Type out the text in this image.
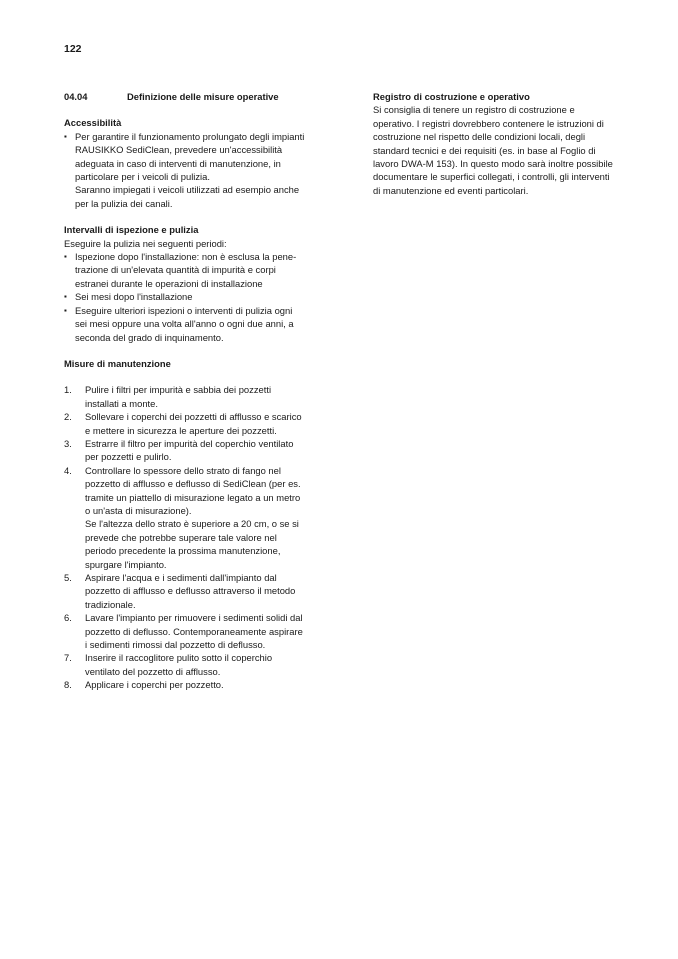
122
04.04	Definizione delle misure operative
Accessibilità
▪ Per garantire il funzionamento prolungato degli impianti RAUSIKKO SediClean, prevedere un'accessibilità adeguata in caso di interventi di manutenzione, in particolare per i veicoli di pulizia.
Saranno impiegati i veicoli utilizzati ad esempio anche per la pulizia dei canali.
Intervalli di ispezione e pulizia
Eseguire la pulizia nei seguenti periodi:
▪ Ispezione dopo l'installazione: non è esclusa la penetrazione di un'elevata quantità di impurità e corpi estranei durante le operazioni di installazione
▪ Sei mesi dopo l'installazione
▪ Eseguire ulteriori ispezioni o interventi di pulizia ogni sei mesi oppure una volta all'anno o ogni due anni, a seconda del grado di inquinamento.
Misure di manutenzione
1.	Pulire i filtri per impurità e sabbia dei pozzetti installati a monte.
2.	Sollevare i coperchi dei pozzetti di afflusso e scarico e mettere in sicurezza le aperture dei pozzetti.
3.	Estrarre il filtro per impurità del coperchio ventilato per pozzetti e pulirlo.
4.	Controllare lo spessore dello strato di fango nel pozzetto di afflusso e deflusso di SediClean (per es. tramite un piattello di misurazione legato a un metro o un'asta di misurazione).
Se l'altezza dello strato è superiore a 20 cm, o se si prevede che potrebbe superare tale valore nel periodo precedente la prossima manutenzione, spurgare l'impianto.
5.	Aspirare l'acqua e i sedimenti dall'impianto dal pozzetto di afflusso e deflusso attraverso il metodo tradizionale.
6.	Lavare l'impianto per rimuovere i sedimenti solidi dal pozzetto di deflusso. Contemporaneamente aspirare i sedimenti rimossi dal pozzetto di deflusso.
7.	Inserire il raccoglitore pulito sotto il coperchio ventilato del pozzetto di afflusso.
8.	Applicare i coperchi per pozzetto.
Registro di costruzione e operativo
Si consiglia di tenere un registro di costruzione e operativo. I registri dovrebbero contenere le istruzioni di costruzione nel rispetto delle condizioni locali, degli standard tecnici e dei requisiti (es. in base al Foglio di lavoro DWA-M 153). In questo modo sarà inoltre possibile documentare le superfici collegati, i controlli, gli interventi di manutenzione ed eventi particolari.
